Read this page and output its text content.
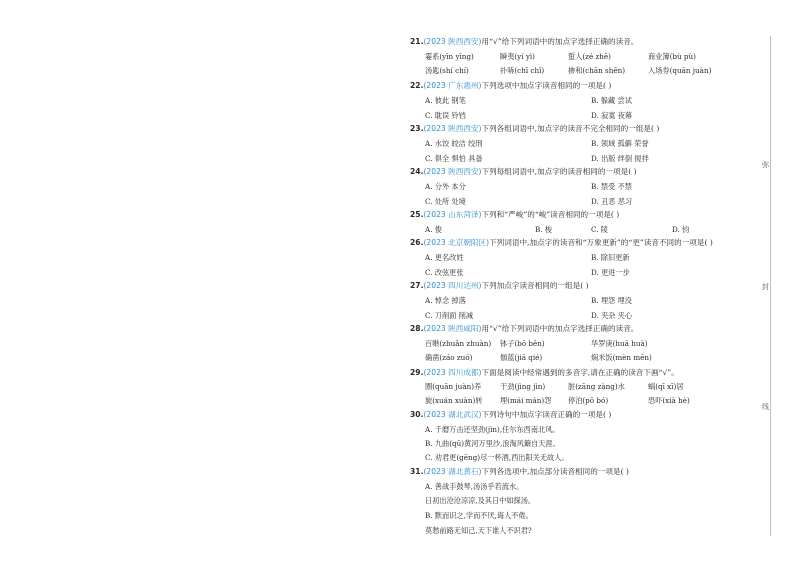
弥
封
线
21.(2023 陕西西安)用“√”给下列词语中的加点字选择正确的读音。
霎系(yīn yīng)	瞬夷(yí yì)	蜇人(zé zhē)	商业簿(bù pù)
汤匙(shí chí)	扑哧(chī chǐ)	掺和(chān shēn)	入场券(quān juàn)
22.(2023 广东惠州)下列选项中加点字读音相同的一项是( )
A. 彼此 钢笔	B. 躲藏 尝试
C. 耽误 铃铛	D. 寂寞 夜幕
23.(2023 陕西西安)下列各组词语中,加点字的读音不完全相同的一组是( )
A. 水饺 皎洁 绞刑	B. 领域 孤僻 荣誉
C. 俱全 惧怕 具备	D. 出版 绊倒 搅拌
24.(2023 陕西西安)下列每组词语中,加点字的读音相同的一项是( )
A. 分外 本分	B. 禁受 不禁
C. 处所 处境	D. 丑恶 恶习
25.(2023 山东菏泽)下列和“严峻”的“峻”读音相同的一项是( )
A. 俊	B. 梭	C. 陵	D. 钧
26.(2023 北京朝阳区)下列词语中,加点字的读音和“万象更新”的“更”读音不同的一项是( )
A. 更名改姓	B. 除旧更新
C. 改弦更张	D. 更进一步
27.(2023 四川达州)下列加点字读音相同的一组是( )
A. 悼念 掉落	B. 埋怨 埋没
C. 刀削面 削减	D. 夹杂 夹心
28.(2023 陕西咸阳)用“√”给下列词语中的加点字选择正确的读音。
百啭(zhuǎn zhuàn) 钵子(bō běn)	华罗庚(huā huà)
确凿(záo zuó)	伽蓝(jiā qié)	焖米饭(mèn mēn)
29.(2023 四川成都)下面是阅读中经常遇到的多音字,请在正确的读音下画“√”。
圈(quān juàn)养	干劲(jìng jìn)	脏(zāng zàng)水	蜗(qī xī)居
旋(xuán xuàn)转 埋(mái mán)怨 停泊(pō bó)	恐吓(xià hè)
30.(2023 湖北武汉)下列诗句中加点字读音正确的一项是( )
A. 千磨万击还坚劲(jìn),任尔东西南北风。
B. 九曲(qū)黄河万里沙,浪淘风簸自天涯。
C. 劝君更(gēng)尽一杯酒,西出阳关无故人。
31.(2023 湖北黄石)下列各选项中,加点部分读音相同的一项是( )
A. 善战手鼓琴,汤汤乎若流水。
日初出沧沧凉凉,及其日中如探汤。
B. 默而识之,学而不厌,诲人不倦。
莫愁前路无知己,天下谁人不识君?
